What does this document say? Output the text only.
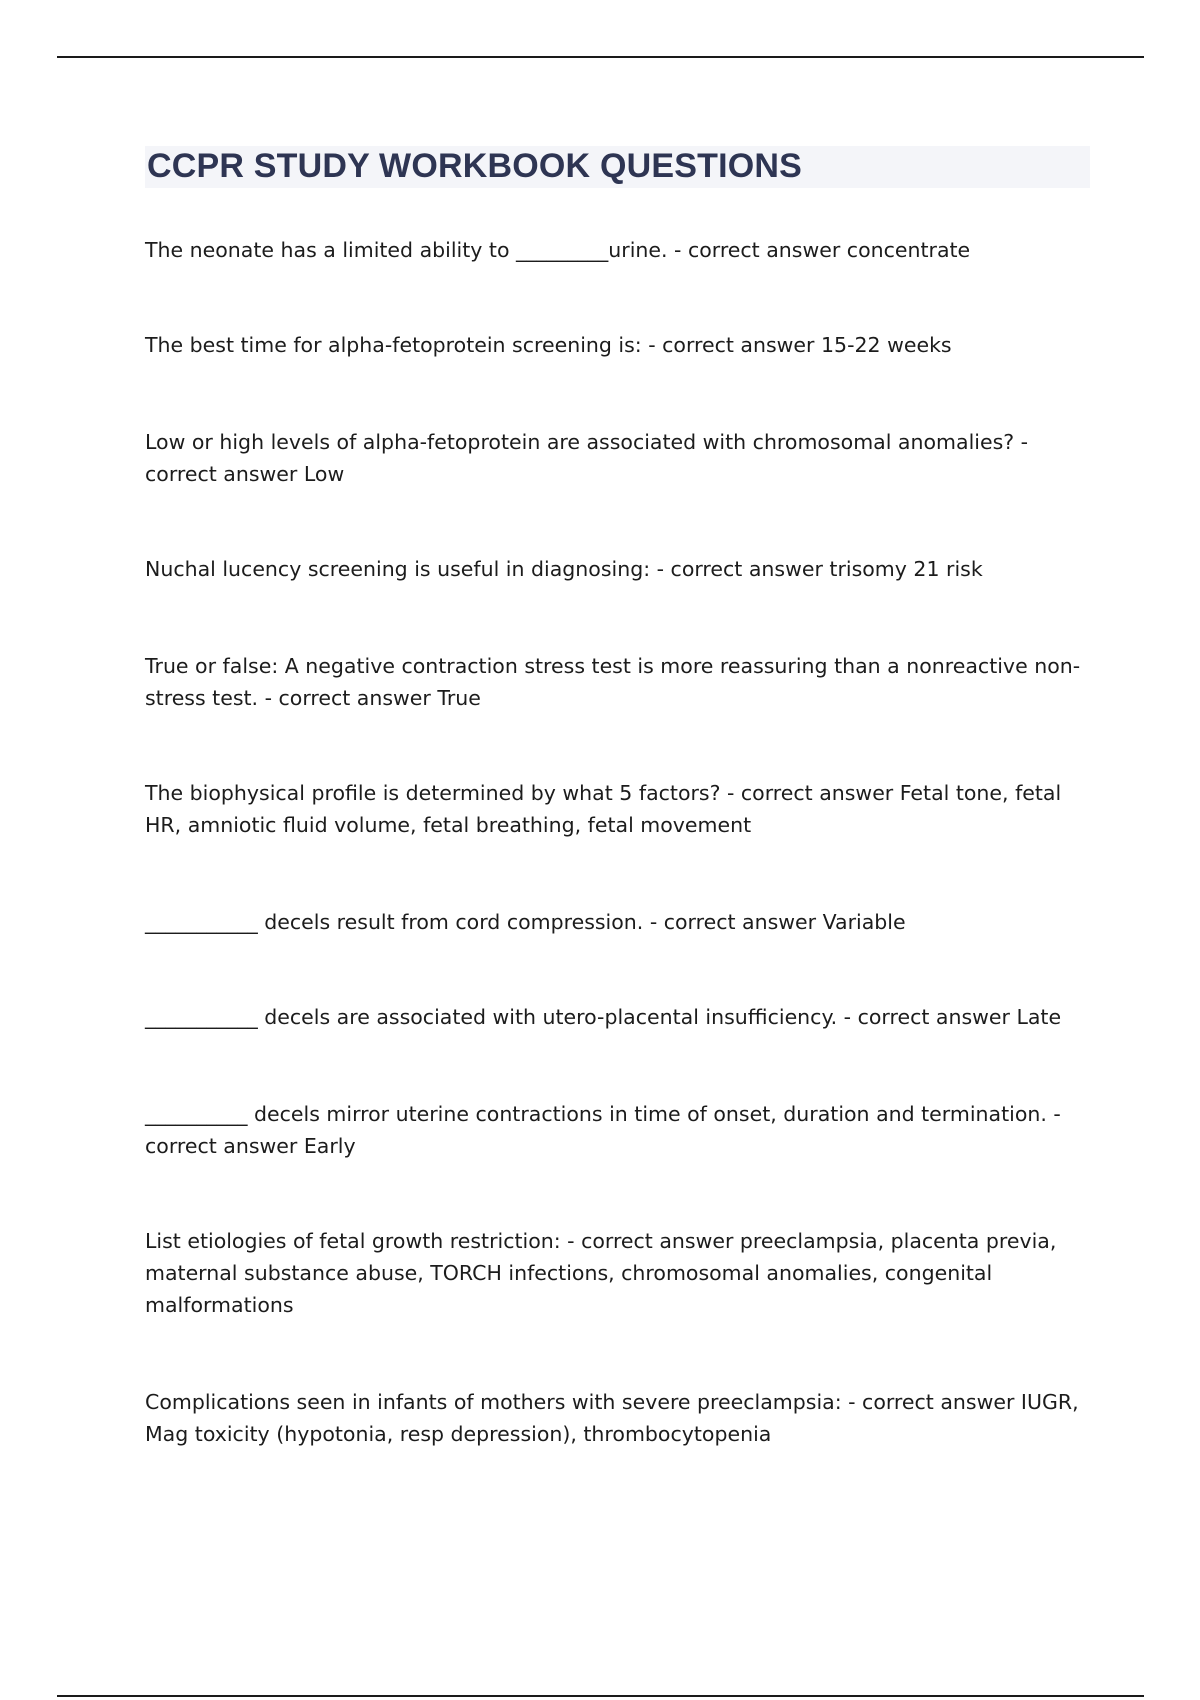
CCPR STUDY WORKBOOK QUESTIONS

The neonate has a limited ability to _________urine. - correct answer concentrate

The best time for alpha-fetoprotein screening is: - correct answer 15-22 weeks

Low or high levels of alpha-fetoprotein are associated with chromosomal anomalies? - correct answer Low

Nuchal lucency screening is useful in diagnosing: - correct answer trisomy 21 risk

True or false: A negative contraction stress test is more reassuring than a nonreactive non-stress test. - correct answer True

The biophysical profile is determined by what 5 factors? - correct answer Fetal tone, fetal HR, amniotic fluid volume, fetal breathing, fetal movement

___________ decels result from cord compression. - correct answer Variable

___________ decels are associated with utero-placental insufficiency. - correct answer Late

__________ decels mirror uterine contractions in time of onset, duration and termination. - correct answer Early

List etiologies of fetal growth restriction: - correct answer preeclampsia, placenta previa, maternal substance abuse, TORCH infections, chromosomal anomalies, congenital malformations

Complications seen in infants of mothers with severe preeclampsia: - correct answer IUGR, Mag toxicity (hypotonia, resp depression), thrombocytopenia
